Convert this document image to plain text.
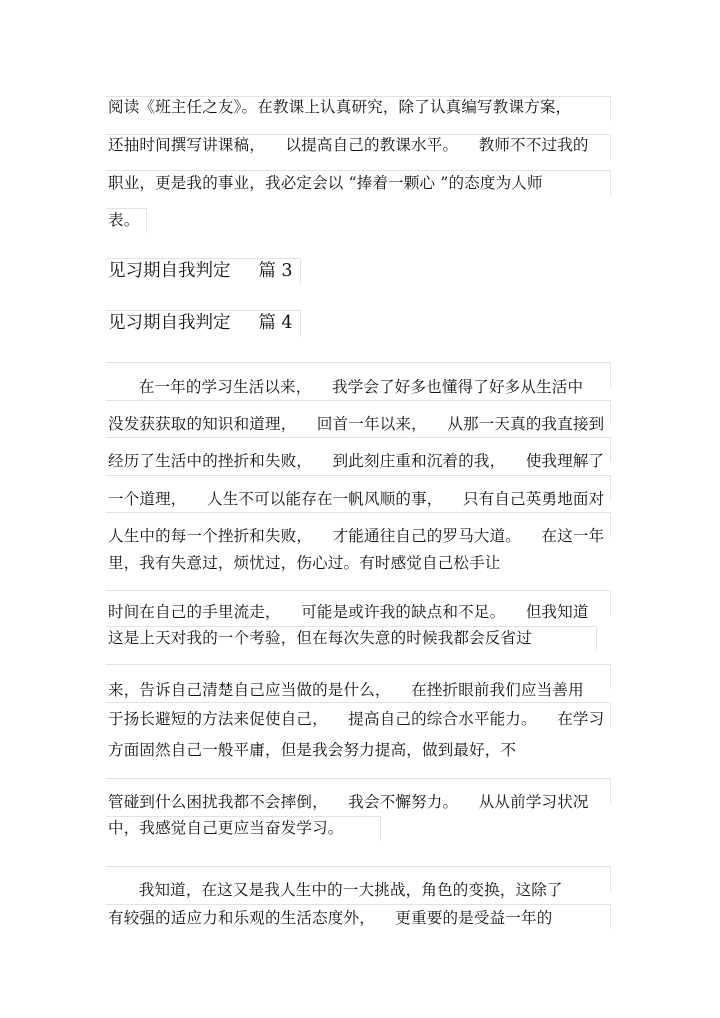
阅读《班主任之友》。在教课上认真研究，除了认真编写教课方案，
还抽时间撰写讲课稿，    以提高自己的教课水平。    教师不不过我的
职业，更是我的事业，我必定会以 “捧着一颗心 ”的态度为人师
表。
见习期自我判定     篇 3
见习期自我判定     篇 4
在一年的学习生活以来，    我学会了好多也懂得了好多从生活中
没发获获取的知识和道理，    回首一年以来，    从那一天真的我直接到
经历了生活中的挫折和失败，    到此刻庄重和沉着的我，    使我理解了
一个道理，    人生不可以能存在一帆风顺的事，    只有自己英勇地面对
人生中的每一个挫折和失败，    才能通往自己的罗马大道。    在这一年
里，我有失意过，烦忧过，伤心过。有时感觉自己松手让
时间在自己的手里流走，    可能是或许我的缺点和不足。    但我知道
这是上天对我的一个考验，但在每次失意的时候我都会反省过
来，告诉自己清楚自己应当做的是什么，    在挫折眼前我们应当善用
于扬长避短的方法来促使自己，    提高自己的综合水平能力。    在学习
方面固然自己一般平庸，但是我会努力提高，做到最好，不
管碰到什么困扰我都不会摔倒，    我会不懈努力。    从从前学习状况
中，我感觉自己更应当奋发学习。
我知道，在这又是我人生中的一大挑战，角色的变换，这除了
有较强的适应力和乐观的生活态度外，    更重要的是受益一年的
